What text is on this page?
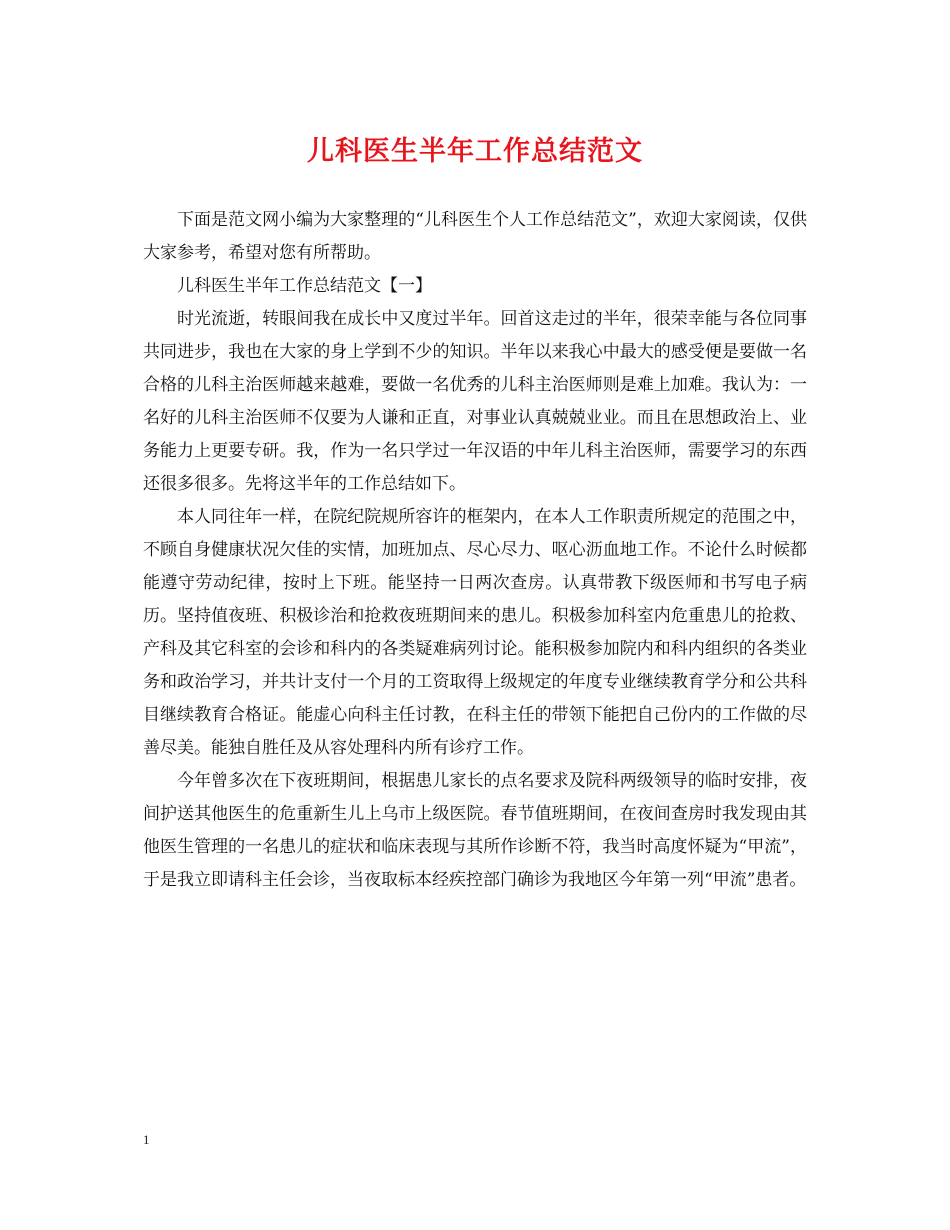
儿科医生半年工作总结范文

下面是范文网小编为大家整理的“儿科医生个人工作总结范文”，欢迎大家阅读，仅供大家参考，希望对您有所帮助。

儿科医生半年工作总结范文【一】

时光流逝，转眼间我在成长中又度过半年。回首这走过的半年，很荣幸能与各位同事共同进步，我也在大家的身上学到不少的知识。半年以来我心中最大的感受便是要做一名合格的儿科主治医师越来越难，要做一名优秀的儿科主治医师则是难上加难。我认为：一名好的儿科主治医师不仅要为人谦和正直，对事业认真兢兢业业。而且在思想政治上、业务能力上更要专研。我，作为一名只学过一年汉语的中年儿科主治医师，需要学习的东西还很多很多。先将这半年的工作总结如下。

本人同往年一样，在院纪院规所容许的框架内，在本人工作职责所规定的范围之中，不顾自身健康状况欠佳的实情，加班加点、尽心尽力、呕心沥血地工作。不论什么时候都能遵守劳动纪律，按时上下班。能坚持一日两次查房。认真带教下级医师和书写电子病历。坚持值夜班、积极诊治和抢救夜班期间来的患儿。积极参加科室内危重患儿的抢救、产科及其它科室的会诊和科内的各类疑难病列讨论。能积极参加院内和科内组织的各类业务和政治学习，并共计支付一个月的工资取得上级规定的年度专业继续教育学分和公共科目继续教育合格证。能虚心向科主任讨教，在科主任的带领下能把自己份内的工作做的尽善尽美。能独自胜任及从容处理科内所有诊疗工作。

今年曾多次在下夜班期间，根据患儿家长的点名要求及院科两级领导的临时安排，夜间护送其他医生的危重新生儿上乌市上级医院。春节值班期间，在夜间查房时我发现由其他医生管理的一名患儿的症状和临床表现与其所作诊断不符，我当时高度怀疑为“甲流”，于是我立即请科主任会诊，当夜取标本经疾控部门确诊为我地区今年第一列“甲流”患者。

1
